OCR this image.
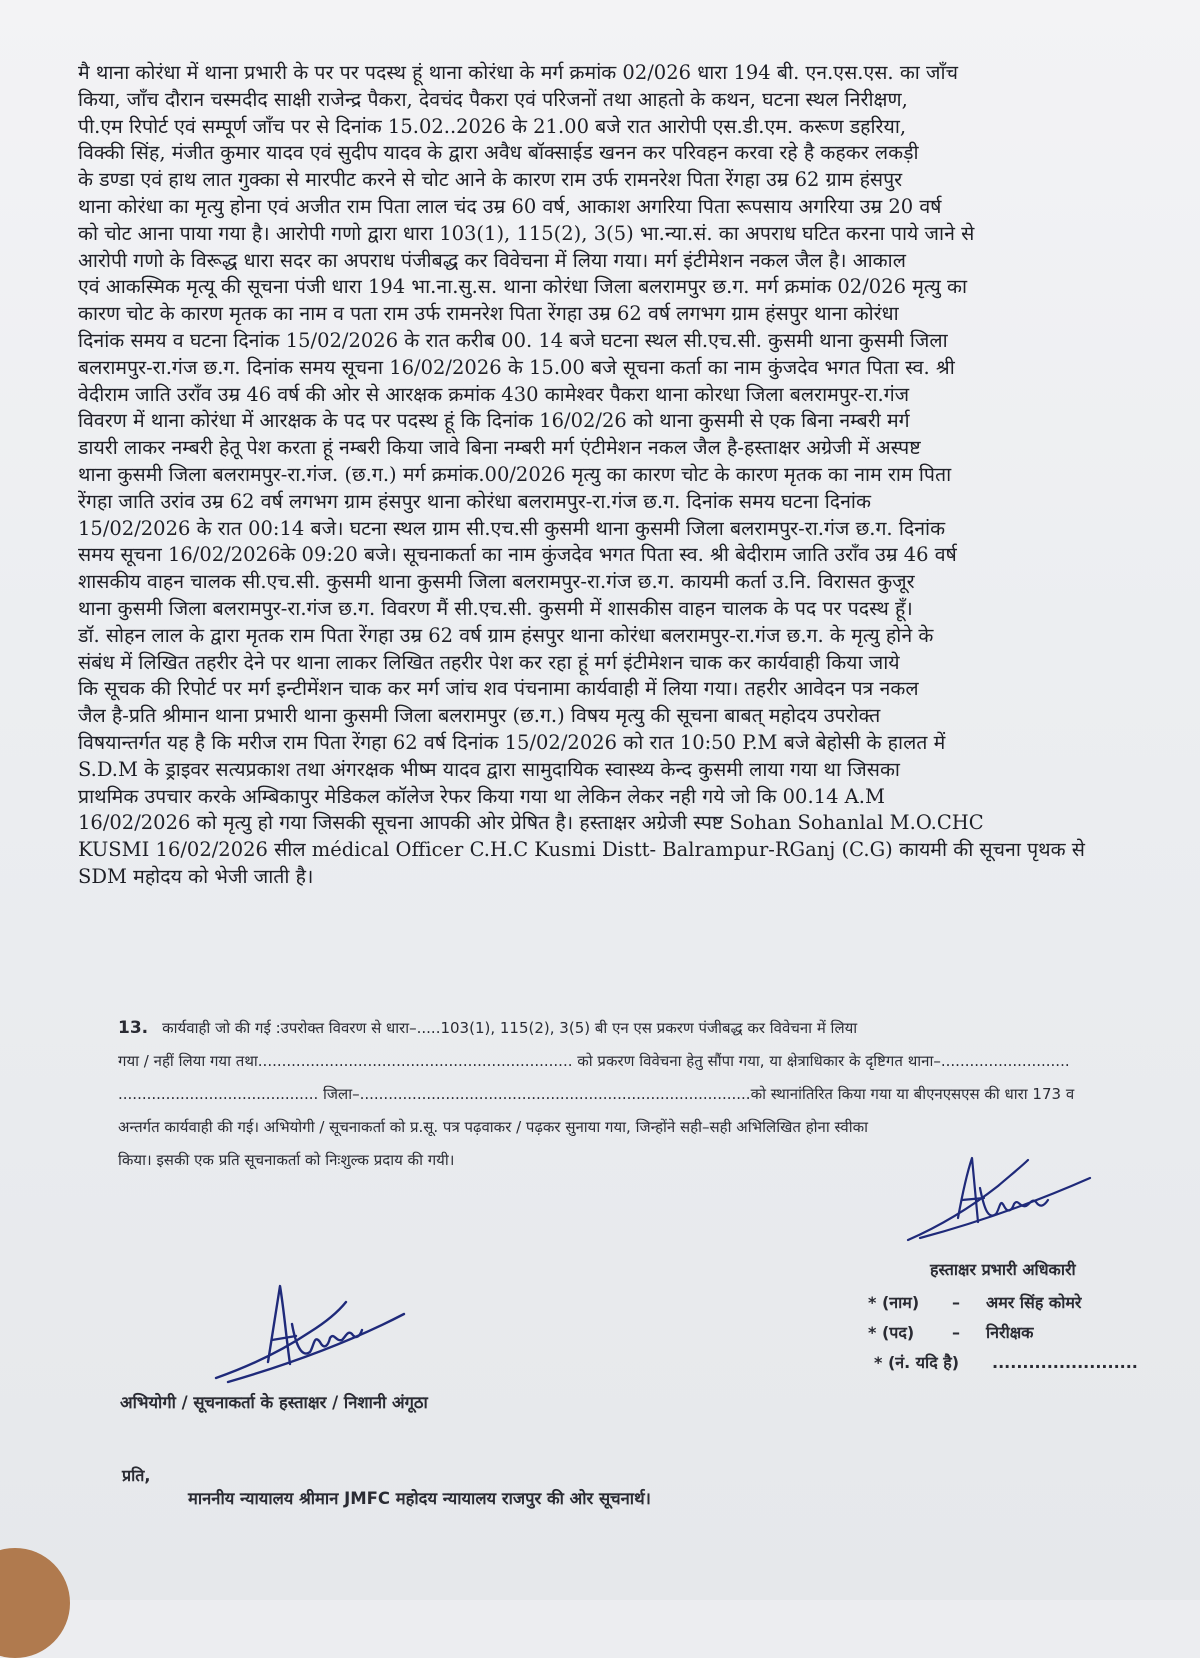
मै थाना कोरंधा में थाना प्रभारी के पर पर पदस्थ हूं थाना कोरंधा के मर्ग क्रमांक 02/026 धारा 194 बी. एन.एस.एस. का जाँच

किया, जाँच दौरान चस्मदीद साक्षी राजेन्द्र पैकरा, देवचंद पैकरा एवं परिजनों तथा आहतो के कथन, घटना स्थल निरीक्षण,

पी.एम रिपोर्ट एवं सम्पूर्ण जाँच पर से दिनांक 15.02..2026 के 21.00 बजे रात आरोपी एस.डी.एम. करूण डहरिया,

विक्की सिंह, मंजीत कुमार यादव एवं सुदीप यादव के द्वारा अवैध बॉक्साईड खनन कर परिवहन करवा रहे है कहकर लकड़ी

के डण्डा एवं हाथ लात गुक्का से मारपीट करने से चोट आने के कारण राम उर्फ रामनरेश पिता रेंगहा उम्र 62 ग्राम हंसपुर

थाना कोरंधा का मृत्यु होना एवं अजीत राम पिता लाल चंद उम्र 60 वर्ष, आकाश अगरिया पिता रूपसाय अगरिया उम्र 20 वर्ष

को चोट आना पाया गया है। आरोपी गणो द्वारा धारा 103(1), 115(2), 3(5) भा.न्या.सं. का अपराध घटित करना पाये जाने से

आरोपी गणो के विरूद्ध धारा सदर का अपराध पंजीबद्ध कर विवेचना में लिया गया। मर्ग इंटीमेशन नकल जैल है। आकाल

एवं आकस्मिक मृत्यू की सूचना पंजी धारा 194 भा.ना.सु.स. थाना कोरंधा जिला बलरामपुर छ.ग. मर्ग क्रमांक 02/026 मृत्यु का

कारण चोट के कारण मृतक का नाम व पता राम उर्फ रामनरेश पिता रेंगहा उम्र 62 वर्ष लगभग ग्राम हंसपुर थाना कोरंधा

दिनांक समय व घटना दिनांक 15/02/2026 के रात करीब 00. 14 बजे घटना स्थल सी.एच.सी. कुसमी थाना कुसमी जिला

बलरामपुर-रा.गंज छ.ग. दिनांक समय सूचना 16/02/2026 के 15.00 बजे सूचना कर्ता का नाम कुंजदेव भगत पिता स्व. श्री

वेदीराम जाति उराँव उम्र 46 वर्ष की ओर से आरक्षक क्रमांक 430 कामेश्वर पैकरा थाना कोरधा जिला बलरामपुर-रा.गंज

विवरण में थाना कोरंधा में आरक्षक के पद पर पदस्थ हूं कि दिनांक 16/02/26 को थाना कुसमी से एक बिना नम्बरी मर्ग

डायरी लाकर नम्बरी हेतू पेश करता हूं नम्बरी किया जावे बिना नम्बरी मर्ग एंटीमेशन नकल जैल है-हस्ताक्षर अग्रेजी में अस्पष्ट

थाना कुसमी जिला बलरामपुर-रा.गंज. (छ.ग.) मर्ग क्रमांक.00/2026 मृत्यु का कारण चोट के कारण मृतक का नाम राम पिता

रेंगहा जाति उरांव उम्र 62 वर्ष लगभग ग्राम हंसपुर थाना कोरंधा बलरामपुर-रा.गंज छ.ग. दिनांक समय घटना दिनांक

15/02/2026 के रात 00:14 बजे। घटना स्थल ग्राम सी.एच.सी कुसमी थाना कुसमी जिला बलरामपुर-रा.गंज छ.ग. दिनांक

समय सूचना 16/02/2026के 09:20 बजे। सूचनाकर्ता का नाम कुंजदेव भगत पिता स्व. श्री बेदीराम जाति उराँव उम्र 46 वर्ष

शासकीय वाहन चालक सी.एच.सी. कुसमी थाना कुसमी जिला बलरामपुर-रा.गंज छ.ग. कायमी कर्ता उ.नि. विरासत कुजूर

थाना कुसमी जिला बलरामपुर-रा.गंज छ.ग. विवरण मैं सी.एच.सी. कुसमी में शासकीस वाहन चालक के पद पर पदस्थ हूँ।

डॉ. सोहन लाल के द्वारा मृतक राम पिता रेंगहा उम्र 62 वर्ष ग्राम हंसपुर थाना कोरंधा बलरामपुर-रा.गंज छ.ग. के मृत्यु होने के

संबंध में लिखित तहरीर देने पर थाना लाकर लिखित तहरीर पेश कर रहा हूं मर्ग इंटीमेशन चाक कर कार्यवाही किया जाये

कि सूचक की रिपोर्ट पर मर्ग इन्टीमेंशन चाक कर मर्ग जांच शव पंचनामा कार्यवाही में लिया गया। तहरीर आवेदन पत्र नकल

जैल है-प्रति श्रीमान थाना प्रभारी थाना कुसमी जिला बलरामपुर (छ.ग.) विषय मृत्यु की सूचना बाबत् महोदय उपरोक्त

विषयान्तर्गत यह है कि मरीज राम पिता रेंगहा 62 वर्ष दिनांक 15/02/2026 को रात 10:50 P.M बजे बेहोसी के हालत में

S.D.M के ड्राइवर सत्यप्रकाश तथा अंगरक्षक भीष्म यादव द्वारा सामुदायिक स्वास्थ्य केन्द कुसमी लाया गया था जिसका

प्राथमिक उपचार करके अम्बिकापुर मेडिकल कॉलेज रेफर किया गया था लेकिन लेकर नही गये जो कि 00.14 A.M

16/02/2026 को मृत्यु हो गया जिसकी सूचना आपकी ओर प्रेषित है। हस्ताक्षर अग्रेजी स्पष्ट Sohan Sohanlal M.O.CHC

KUSMI 16/02/2026 सील médical Officer C.H.C Kusmi Distt- Balrampur-RGanj (C.G) कायमी की सूचना पृथक से

SDM महोदय को भेजी जाती है।

13. कार्यवाही जो की गई :उपरोक्त विवरण से धारा–.....103(1), 115(2), 3(5) बी एन एस प्रकरण पंजीबद्ध कर विवेचना में लिया
गया / नहीं लिया गया तथा.................................................................. को प्रकरण विवेचना हेतु सौंपा गया, या क्षेत्राधिकार के दृष्टिगत थाना–...........................
.......................................... जिला–..................................................................................को स्थानांतिरित किया गया या बीएनएसएस की धारा 173 व
अन्तर्गत कार्यवाही की गई। अभियोगी / सूचनाकर्ता को प्र.सू. पत्र पढ़वाकर / पढ़कर सुनाया गया, जिन्होंने सही–सही अभिलिखित होना स्वीका
किया। इसकी एक प्रति सूचनाकर्ता को निःशुल्क प्रदाय की गयी।
हस्ताक्षर प्रभारी अधिकारी
* (नाम) – अमर सिंह कोमरे
* (पद) – निरीक्षक
* (नं. यदि है) ........................
अभियोगी / सूचनाकर्ता के हस्ताक्षर / निशानी अंगूठा
प्रति,
माननीय न्यायालय श्रीमान JMFC महोदय न्यायालय राजपुर की ओर सूचनार्थ।
